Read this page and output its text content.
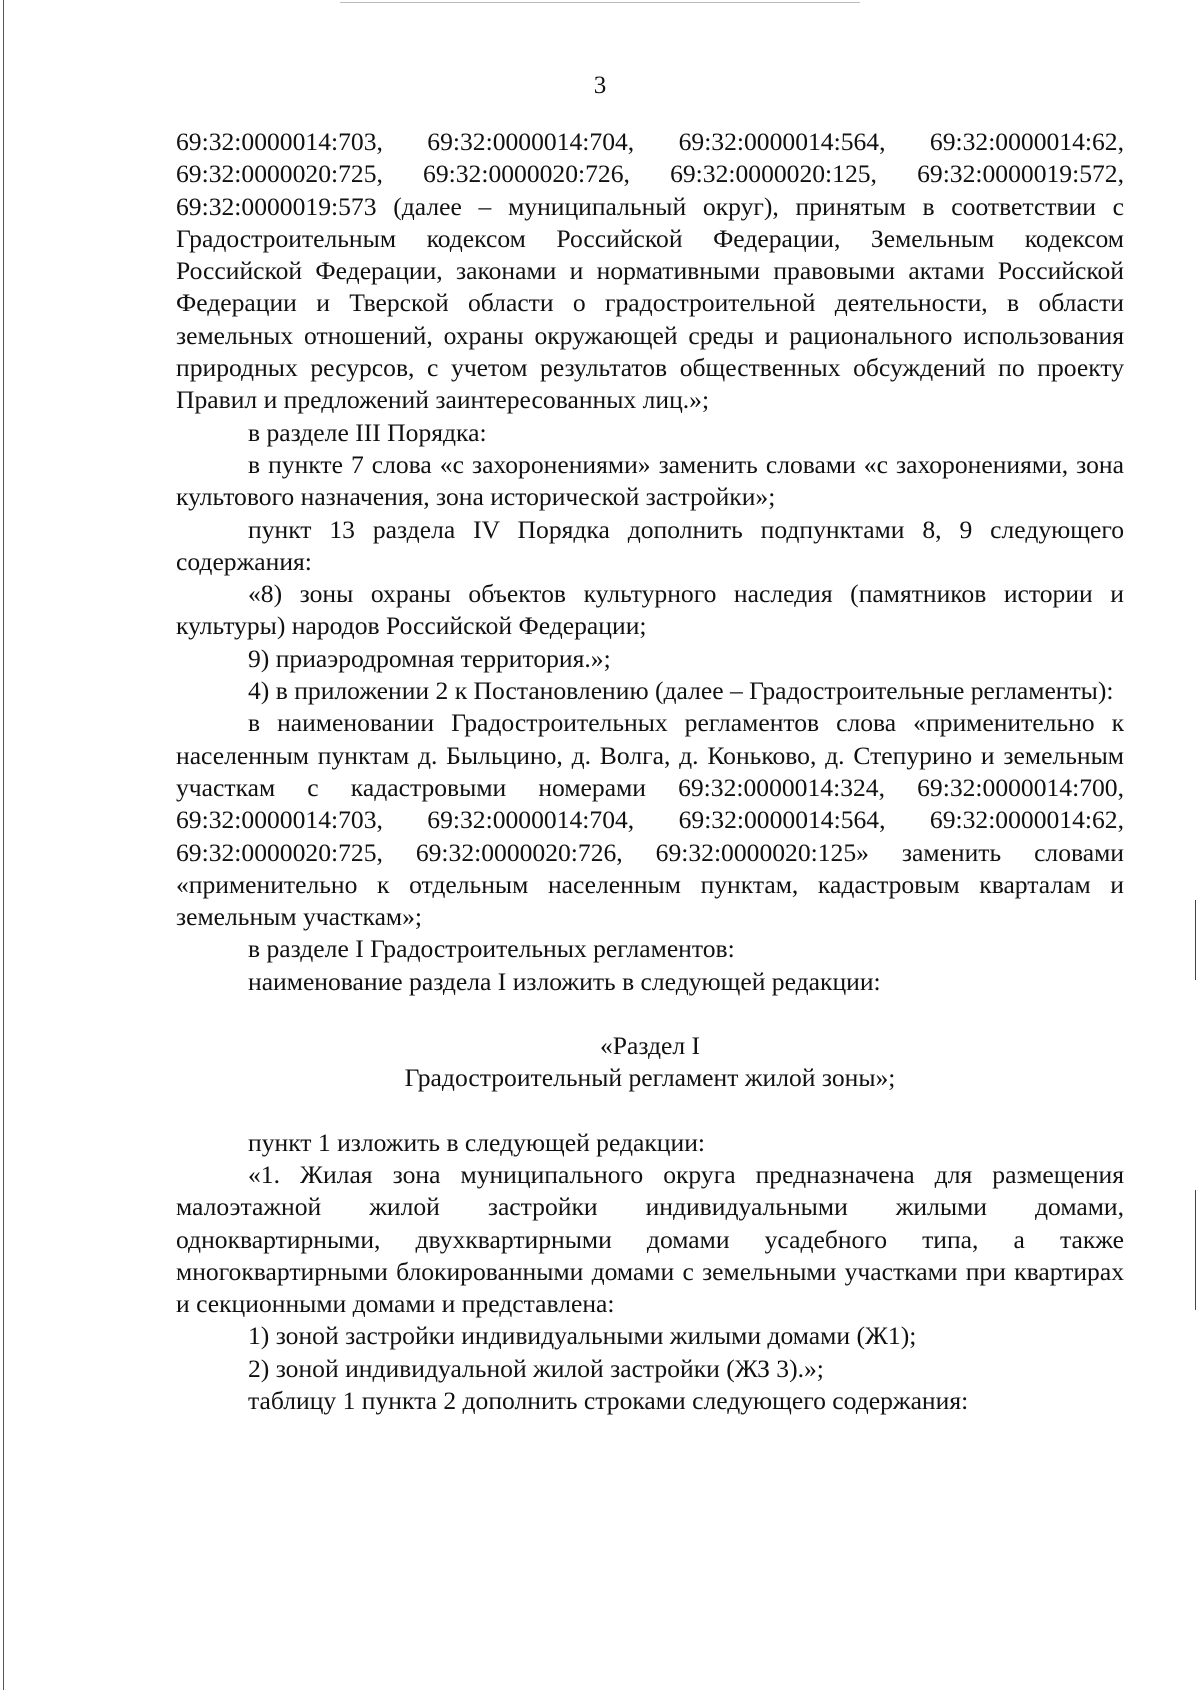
3

69:32:0000014:703, 69:32:0000014:704, 69:32:0000014:564, 69:32:0000014:62, 69:32:0000020:725, 69:32:0000020:726, 69:32:0000020:125, 69:32:0000019:572, 69:32:0000019:573 (далее – муниципальный округ), принятым в соответствии с Градостроительным кодексом Российской Федерации, Земельным кодексом Российской Федерации, законами и нормативными правовыми актами Российской Федерации и Тверской области о градостроительной деятельности, в области земельных отношений, охраны окружающей среды и рационального использования природных ресурсов, с учетом результатов общественных обсуждений по проекту Правил и предложений заинтересованных лиц.»;

в разделе III Порядка:

в пункте 7 слова «с захоронениями» заменить словами «с захоронениями, зона культового назначения, зона исторической застройки»;

пункт 13 раздела IV Порядка дополнить подпунктами 8, 9 следующего содержания:

«8) зоны охраны объектов культурного наследия (памятников истории и культуры) народов Российской Федерации;

9) приаэродромная территория.»;

4) в приложении 2 к Постановлению (далее – Градостроительные регламенты):

в наименовании Градостроительных регламентов слова «применительно к населенным пунктам д. Быльцино, д. Волга, д. Коньково, д. Степурино и земельным участкам с кадастровыми номерами 69:32:0000014:324, 69:32:0000014:700, 69:32:0000014:703, 69:32:0000014:704, 69:32:0000014:564, 69:32:0000014:62, 69:32:0000020:725, 69:32:0000020:726, 69:32:0000020:125» заменить словами «применительно к отдельным населенным пунктам, кадастровым кварталам и земельным участкам»;

в разделе I Градостроительных регламентов:

наименование раздела I изложить в следующей редакции:

«Раздел I

Градостроительный регламент жилой зоны»;

пункт 1 изложить в следующей редакции:

«1. Жилая зона муниципального округа предназначена для размещения малоэтажной жилой застройки индивидуальными жилыми домами, одноквартирными, двухквартирными домами усадебного типа, а также многоквартирными блокированными домами с земельными участками при квартирах и секционными домами и представлена:

1) зоной застройки индивидуальными жилыми домами (Ж1);

2) зоной индивидуальной жилой застройки (ЖЗ 3).»;

таблицу 1 пункта 2 дополнить строками следующего содержания:
